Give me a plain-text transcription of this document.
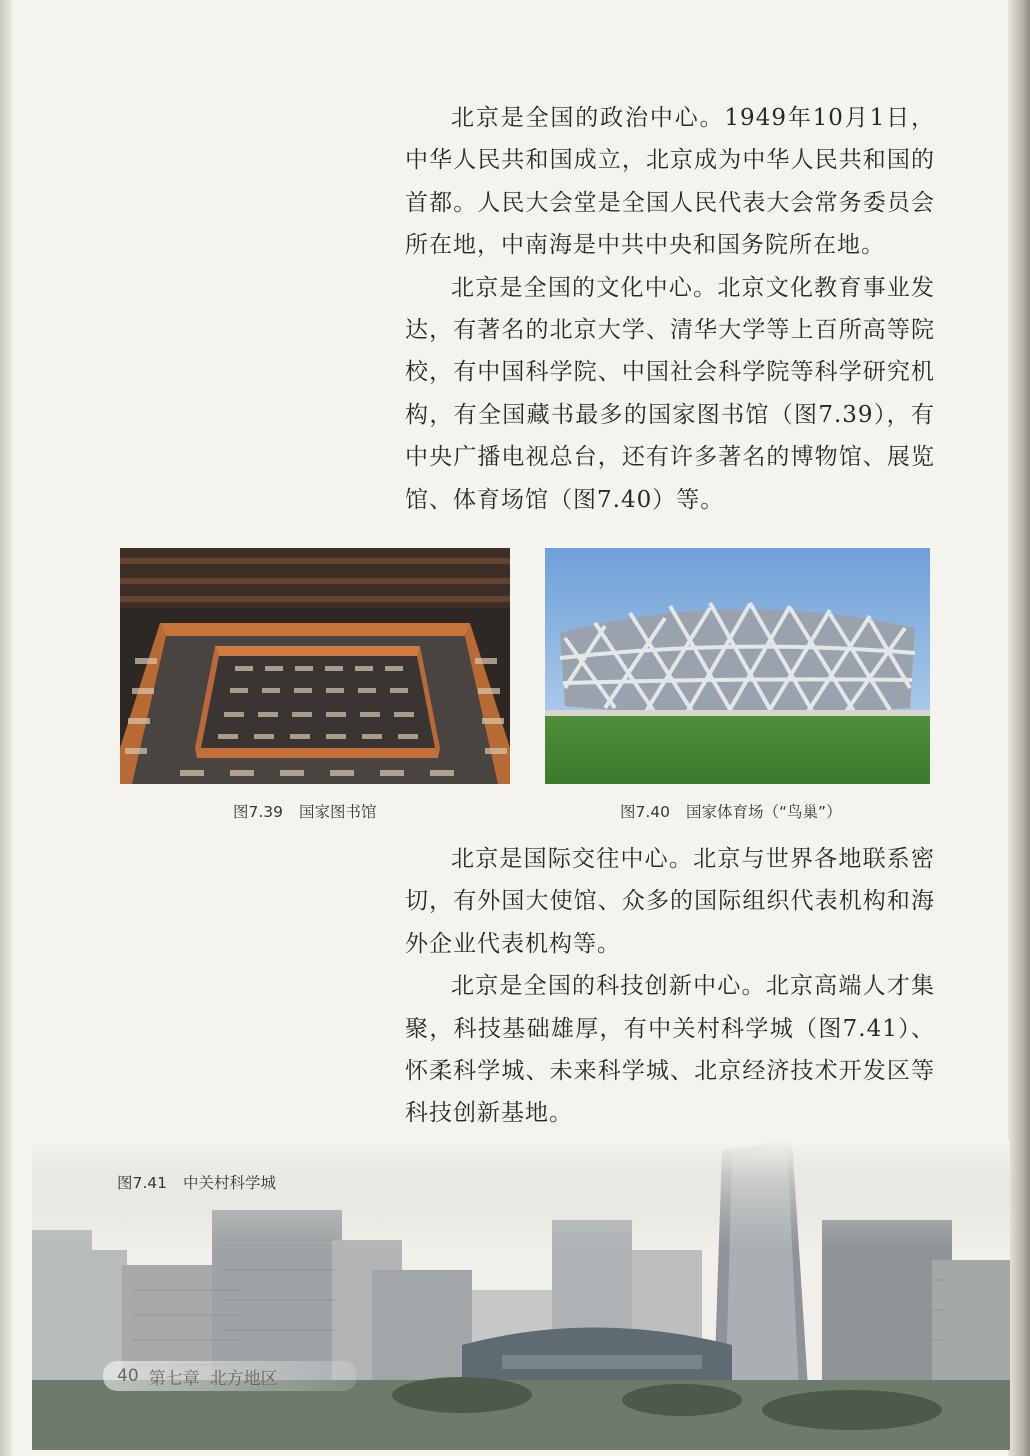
北京是全国的政治中心。1949年10月1日，中华人民共和国成立，北京成为中华人民共和国的首都。人民大会堂是全国人民代表大会常务委员会所在地，中南海是中共中央和国务院所在地。

北京是全国的文化中心。北京文化教育事业发达，有著名的北京大学、清华大学等上百所高等院校，有中国科学院、中国社会科学院等科学研究机构，有全国藏书最多的国家图书馆（图7.39），有中央广播电视总台，还有许多著名的博物馆、展览馆、体育场馆（图7.40）等。

图7.39 国家图书馆	图7.40 国家体育场（“鸟巢”）

北京是国际交往中心。北京与世界各地联系密切，有外国大使馆、众多的国际组织代表机构和海外企业代表机构等。

北京是全国的科技创新中心。北京高端人才集聚，科技基础雄厚，有中关村科学城（图7.41）、怀柔科学城、未来科学城、北京经济技术开发区等科技创新基地。

图7.41 中关村科学城
40 第七章 北方地区
